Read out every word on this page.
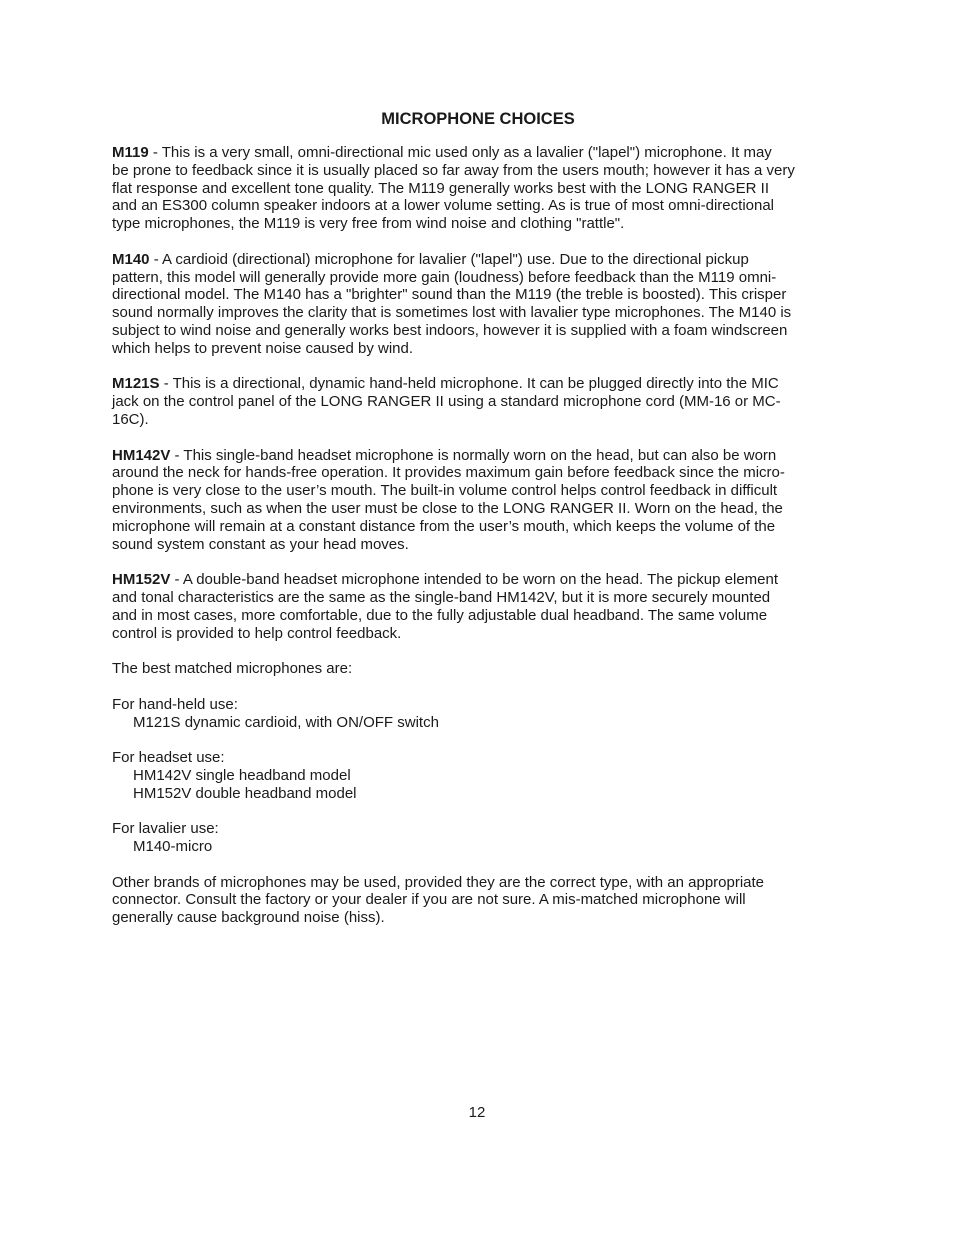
MICROPHONE CHOICES
M119 - This is a very small, omni-directional mic used only as a lavalier ("lapel") microphone. It may
be prone to feedback since it is usually placed so far away from the users mouth; however it has a very
flat response and excellent tone quality. The M119 generally works best with the LONG RANGER II
and an ES300 column speaker indoors at a lower volume setting. As is true of most omni-directional
type microphones, the M119 is very free from wind noise and clothing "rattle".
M140 - A cardioid (directional) microphone for lavalier ("lapel") use. Due to the directional pickup
pattern, this model will generally provide more gain (loudness) before feedback than the M119 omni-
directional model. The M140 has a "brighter" sound than the M119 (the treble is boosted). This crisper
sound normally improves the clarity that is sometimes lost with lavalier type microphones. The M140 is
subject to wind noise and generally works best indoors, however it is supplied with a foam windscreen
which helps to prevent noise caused by wind.
M121S - This is a directional, dynamic hand-held microphone. It can be plugged directly into the MIC
jack on the control panel of the LONG RANGER II using a standard microphone cord (MM-16 or MC-
16C).
HM142V - This single-band headset microphone is normally worn on the head, but can also be worn
around the neck for hands-free operation. It provides maximum gain before feedback since the micro-
phone is very close to the user’s mouth. The built-in volume control helps control feedback in difficult
environments, such as when the user must be close to the LONG RANGER II. Worn on the head, the
microphone will remain at a constant distance from the user’s mouth, which keeps the volume of the
sound system constant as your head moves.
HM152V - A double-band headset microphone intended to be worn on the head. The pickup element
and tonal characteristics are the same as the single-band HM142V, but it is more securely mounted
and in most cases, more comfortable, due to the fully adjustable dual headband. The same volume
control is provided to help control feedback.
The best matched microphones are:
For hand-held use:
M121S dynamic cardioid, with ON/OFF switch
For headset use:
HM142V single headband model
HM152V double headband model
For lavalier use:
M140-micro
Other brands of microphones may be used, provided they are the correct type, with an appropriate
connector. Consult the factory or your dealer if you are not sure. A mis-matched microphone will
generally cause background noise (hiss).
12
